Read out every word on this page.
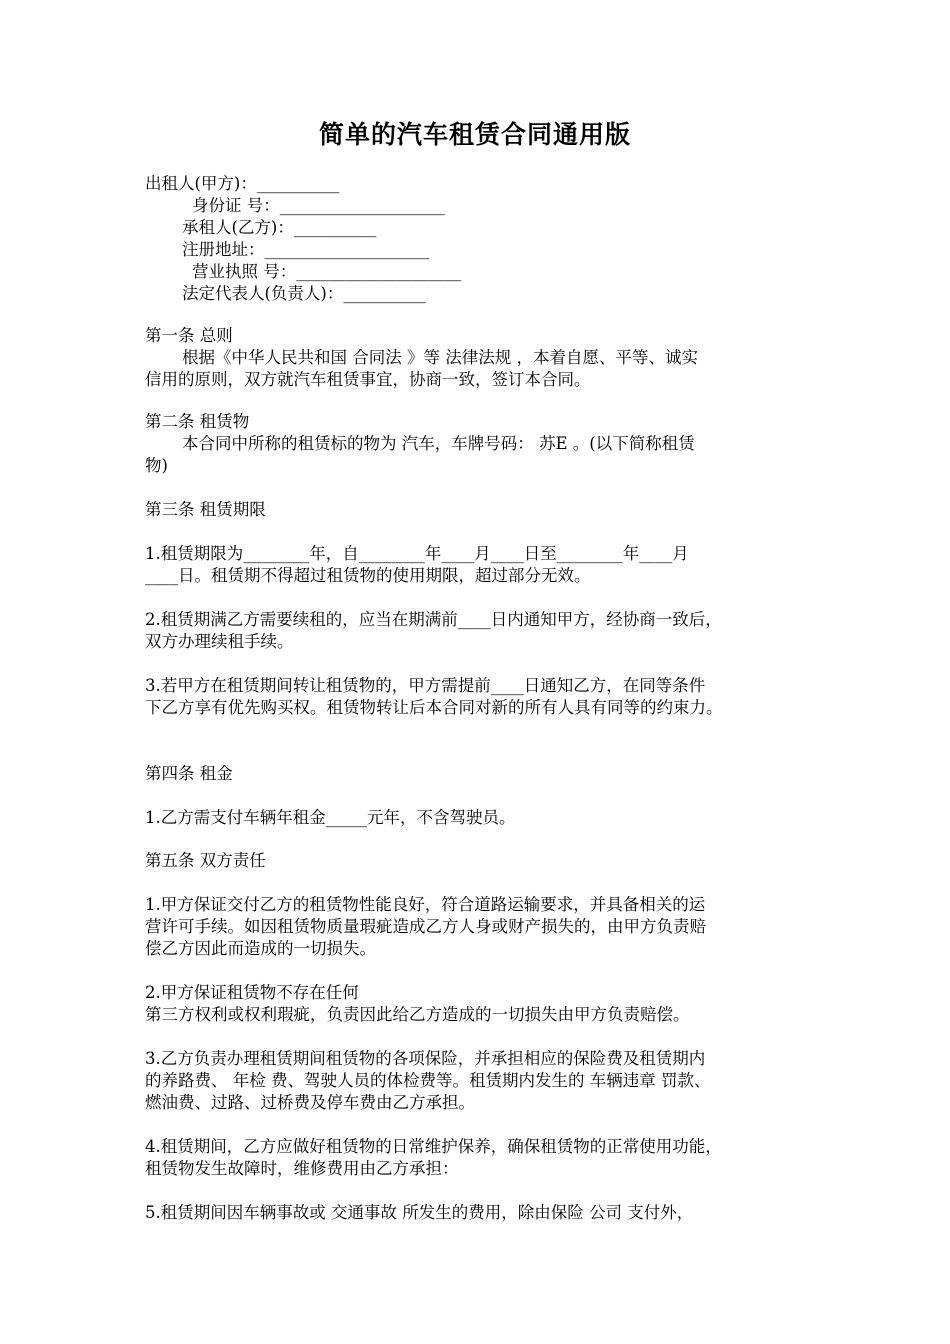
简单的汽车租赁合同通用版

出租人(甲方)：__________

身份证 号：____________________

承租人(乙方)：__________

注册地址：____________________

营业执照 号：____________________

法定代表人(负责人)：__________

第一条 总则

根据《中华人民共和国 合同法 》等 法律法规 ，本着自愿、平等、诚实

信用的原则，双方就汽车租赁事宜，协商一致，签订本合同。

第二条 租赁物

本合同中所称的租赁标的物为 汽车，车牌号码： 苏E 。(以下简称租赁

物)

第三条 租赁期限

1.租赁期限为________年，自________年____月____日至________年____月

____日。租赁期不得超过租赁物的使用期限，超过部分无效。

2.租赁期满乙方需要续租的，应当在期满前____日内通知甲方，经协商一致后，

双方办理续租手续。

3.若甲方在租赁期间转让租赁物的，甲方需提前____日通知乙方，在同等条件

下乙方享有优先购买权。租赁物转让后本合同对新的所有人具有同等的约束力。

第四条 租金

1.乙方需支付车辆年租金_____元年，不含驾驶员。

第五条 双方责任

1.甲方保证交付乙方的租赁物性能良好，符合道路运输要求，并具备相关的运

营许可手续。如因租赁物质量瑕疵造成乙方人身或财产损失的，由甲方负责赔

偿乙方因此而造成的一切损失。

2.甲方保证租赁物不存在任何

第三方权利或权利瑕疵，负责因此给乙方造成的一切损失由甲方负责赔偿。

3.乙方负责办理租赁期间租赁物的各项保险，并承担相应的保险费及租赁期内

的养路费、 年检 费、驾驶人员的体检费等。租赁期内发生的 车辆违章 罚款、

燃油费、过路、过桥费及停车费由乙方承担。

4.租赁期间，乙方应做好租赁物的日常维护保养，确保租赁物的正常使用功能，

租赁物发生故障时，维修费用由乙方承担：

5.租赁期间因车辆事故或 交通事故 所发生的费用，除由保险 公司 支付外，
